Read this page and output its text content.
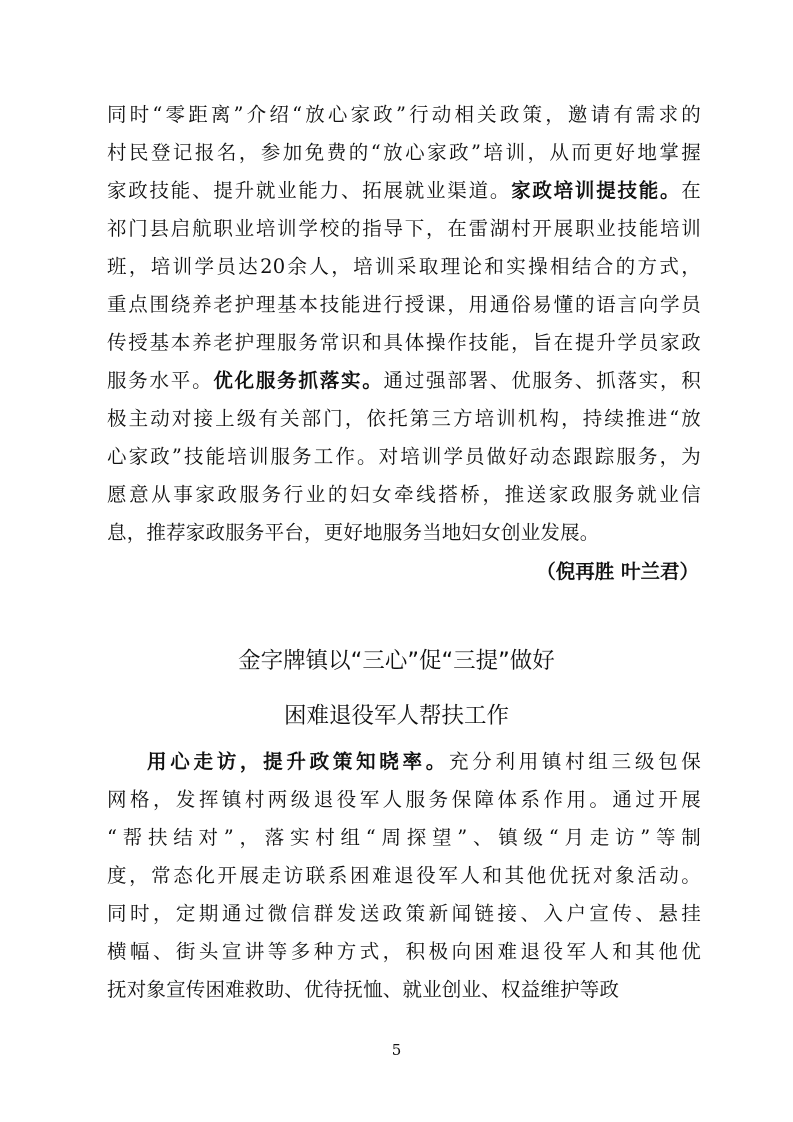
同时“零距离”介绍“放心家政”行动相关政策，邀请有需求的
村民登记报名，参加免费的“放心家政”培训，从而更好地掌握
家政技能、提升就业能力、拓展就业渠道。家政培训提技能。在
祁门县启航职业培训学校的指导下，在雷湖村开展职业技能培训
班，培训学员达20余人，培训采取理论和实操相结合的方式，
重点围绕养老护理基本技能进行授课，用通俗易懂的语言向学员
传授基本养老护理服务常识和具体操作技能，旨在提升学员家政
服务水平。优化服务抓落实。通过强部署、优服务、抓落实，积
极主动对接上级有关部门，依托第三方培训机构，持续推进“放
心家政”技能培训服务工作。对培训学员做好动态跟踪服务，为
愿意从事家政服务行业的妇女牵线搭桥，推送家政服务就业信
息，推荐家政服务平台，更好地服务当地妇女创业发展。
（倪再胜 叶兰君）
金字牌镇以“三心”促“三提”做好
困难退役军人帮扶工作
用心走访，提升政策知晓率。充分利用镇村组三级包保
网格，发挥镇村两级退役军人服务保障体系作用。通过开展
“帮扶结对”，落实村组“周探望”、镇级“月走访”等制
度，常态化开展走访联系困难退役军人和其他优抚对象活动。
同时，定期通过微信群发送政策新闻链接、入户宣传、悬挂
横幅、街头宣讲等多种方式，积极向困难退役军人和其他优
抚对象宣传困难救助、优待抚恤、就业创业、权益维护等政
5
